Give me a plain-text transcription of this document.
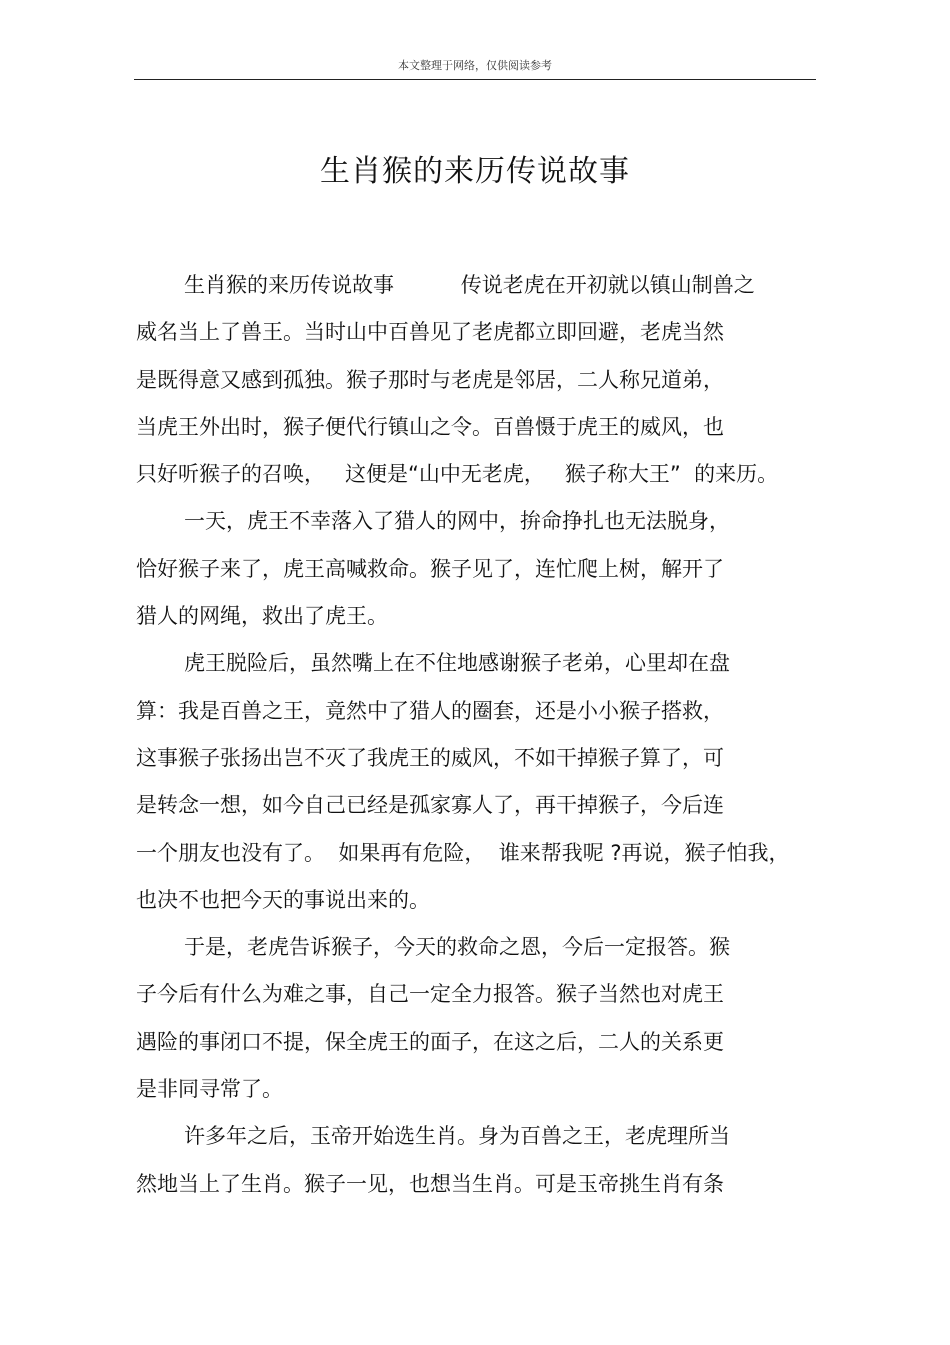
本文整理于网络，仅供阅读参考
生肖猴的来历传说故事
生肖猴的来历传说故事          传说老虎在开初就以镇山制兽之
威名当上了兽王。当时山中百兽见了老虎都立即回避，老虎当然
是既得意又感到孤独。猴子那时与老虎是邻居，二人称兄道弟，
当虎王外出时，猴子便代行镇山之令。百兽慑于虎王的威风，也
只好听猴子的召唤，   这便是“山中无老虎，   猴子称大王”  的来历。
一天，虎王不幸落入了猎人的网中，拚命挣扎也无法脱身，
恰好猴子来了，虎王高喊救命。猴子见了，连忙爬上树，解开了
猎人的网绳，救出了虎王。
虎王脱险后，虽然嘴上在不住地感谢猴子老弟，心里却在盘
算：我是百兽之王，竟然中了猎人的圈套，还是小小猴子搭救，
这事猴子张扬出岂不灭了我虎王的威风，不如干掉猴子算了，可
是转念一想，如今自己已经是孤家寡人了，再干掉猴子，今后连
一个朋友也没有了。  如果再有危险，  谁来帮我呢 ?再说，猴子怕我，
也决不也把今天的事说出来的。
于是，老虎告诉猴子，今天的救命之恩，今后一定报答。猴
子今后有什么为难之事，自己一定全力报答。猴子当然也对虎王
遇险的事闭口不提，保全虎王的面子，在这之后，二人的关系更
是非同寻常了。
许多年之后，玉帝开始选生肖。身为百兽之王，老虎理所当
然地当上了生肖。猴子一见，也想当生肖。可是玉帝挑生肖有条
